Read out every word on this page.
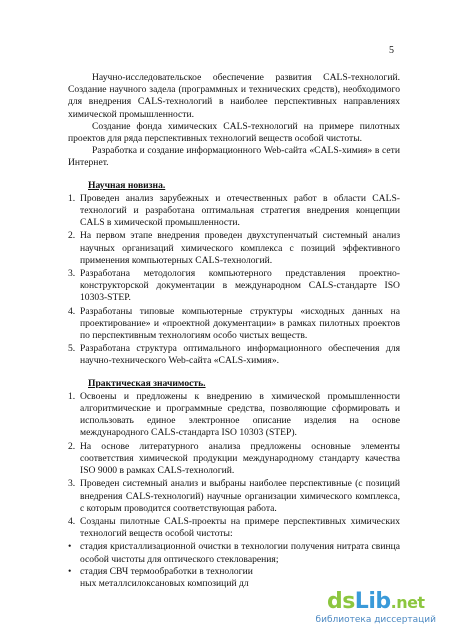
5

Научно-исследовательское обеспечение развития CALS-технологий. Создание научного задела (программных и технических средств), необходимого для внедрения CALS-технологий в наиболее перспективных направлениях химической промышленности.

Создание фонда химических CALS-технологий на примере пилотных проектов для ряда перспективных технологий веществ особой чистоты.

Разработка и создание информационного Web-сайта «CALS-химия» в сети Интернет.

Научная новизна.
1. Проведен анализ зарубежных и отечественных работ в области CALS-технологий и разработана оптимальная стратегия внедрения концепции CALS в химической промышленности.
2. На первом этапе внедрения проведен двухступенчатый системный анализ научных организаций химического комплекса с позиций эффективного применения компьютерных CALS-технологий.
3. Разработана методология компьютерного представления проектно-конструкторской документации в международном CALS-стандарте ISO 10303-STEP.
4. Разработаны типовые компьютерные структуры «исходных данных на проектирование» и «проектной документации» в рамках пилотных проектов по перспективным технологиям особо чистых веществ.
5. Разработана структура оптимального информационного обеспечения для научно-технического Web-сайта «CALS-химия».
Практическая значимость.
1. Освоены и предложены к внедрению в химической промышленности алгоритмические и программные средства, позволяющие сформировать и использовать единое электронное описание изделия на основе международного CALS-стандарта ISO 10303 (STEP).
2. На основе литературного анализа предложены основные элементы соответствия химической продукции международному стандарту качества ISO 9000 в рамках CALS-технологий.
3. Проведен системный анализ и выбраны наиболее перспективные (с позиций внедрения CALS-технологий) научные организации химического комплекса, с которым проводится соответствующая работа.
4. Созданы пилотные CALS-проекты на примере перспективных химических технологий веществ особой чистоты:
• стадия кристаллизационной очистки в технологии получения нитрата свинца особой чистоты для оптического стекловарения;
• стадия СВЧ термообработки в технологии
ных металлсилоксановых композиций дл
dsLib.net
библиотека диссертаций
